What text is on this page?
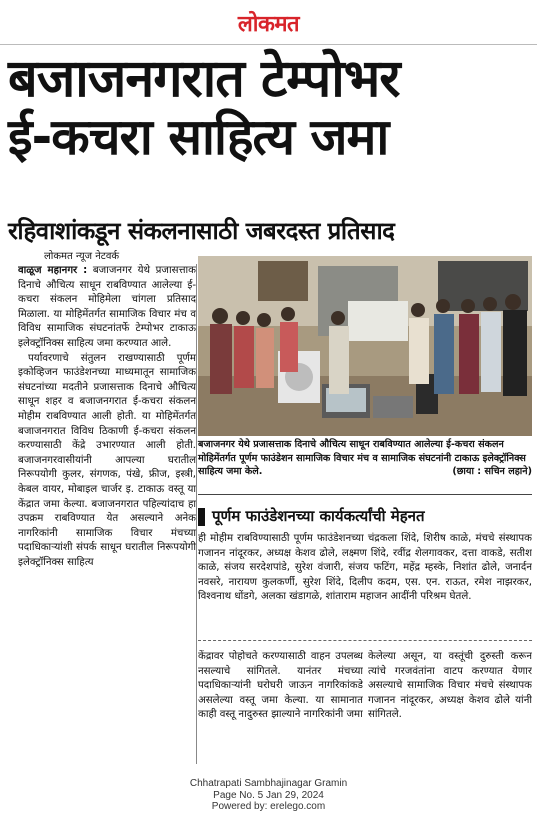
लोकमत
बजाजनगरात टेम्पोभर
ई-कचरा साहित्य जमा
रहिवाशांकडून संकलनासाठी जबरदस्त प्रतिसाद
लोकमत न्यूज नेटवर्क

वाळूज महानगर : बजाजनगर येथे प्रजासत्ताक दिनाचे औचित्य साधून राबविण्यात आलेल्या ई-कचरा संकलन मोहिमेला चांगला प्रतिसाद मिळाला. या मोहिमेंतर्गत सामाजिक विचार मंच व विविध सामाजिक संघटनांतर्फे टेम्पोभर टाकाऊ इलेक्ट्रॉनिक्स साहित्य जमा करण्यात आले.

पर्यावरणाचे संतुलन राखण्यासाठी पूर्णम इकोव्हिजन फाउंडेशनच्या माध्यमातून सामाजिक संघटनांच्या मदतीने प्रजासत्ताक दिनाचे औचित्य साधून शहर व बजाजनगरात ई-कचरा संकलन मोहीम राबविण्यात आली होती. या मोहिमेंतर्गत बजाजनगरात विविध ठिकाणी ई-कचरा संकलन करण्यासाठी केंद्रे उभारण्यात आली होती. बजाजनगरवासीयांनी आपल्या घरातील निरूपयोगी कुलर, संगणक, पंखे, फ्रीज, इस्त्री, केबल वायर, मोबाइल चार्जर इ. टाकाऊ वस्तू या केंद्रात जमा केल्या. बजाजनगरात पहिल्यांदाच हा उपक्रम राबविण्यात येत असल्याने अनेक नागरिकांनी सामाजिक विचार मंचच्या पदाधिकाऱ्यांशी संपर्क साधून घरातील निरूपयोगी इलेक्ट्रॉनिक्स साहित्य

बजाजनगर येथे प्रजासत्ताक दिनाचे औचित्य साधून राबविण्यात आलेल्या ई-कचरा संकलन मोहिमेंतर्गत पूर्णम फाउंडेशन सामाजिक विचार मंच व सामाजिक संघटनांनी टाकाऊ इलेक्ट्रॉनिक्स साहित्य जमा केले.	(छाया : सचिन लहाने)
पूर्णम फाउंडेशनच्या कार्यकर्त्यांची मेहनत
ही मोहीम राबविण्यासाठी पूर्णम फाउंडेशनच्या चंद्रकला शिंदे, शिरीष काळे, मंचचे संस्थापक गजानन नांदूरकर, अध्यक्ष केशव ढोले, लक्ष्मण शिंदे, रवींद्र शेलगावकर, दत्ता वाकडे, सतीश काळे, संजय सरदेशपांडे, सुरेश वंजारी, संजय फटिंग, महेंद्र म्हस्के, निशांत ढोले, जनार्दन नवसरे, नारायण कुलकर्णी, सुरेश शिंदे, दिलीप कदम, एस. एन. राऊत, रमेश नाझरकर, विश्वनाथ धोंडगे, अलका खंडागळे, शांताराम महाजन आदींनी परिश्रम घेतले.
केंद्रावर पोहोचते करण्यासाठी वाहन उपलब्ध नसल्याचे सांगितले. यानंतर मंचच्या पदाधिकाऱ्यांनी घरोघरी जाऊन नागरिकांकडे असलेल्या वस्तू जमा केल्या. या सामानात काही वस्तू नादुरुस्त झाल्याने नागरिकांनी जमा
केलेल्या असून, या वस्तूंची दुरुस्ती करून त्यांचे गरजवंतांना वाटप करण्यात येणार असल्याचे सामाजिक विचार मंचचे संस्थापक गजानन नांदूरकर, अध्यक्ष केशव ढोले यांनी सांगितले.
Chhatrapati Sambhajinagar Gramin
Page No. 5 Jan 29, 2024
Powered by: erelego.com
